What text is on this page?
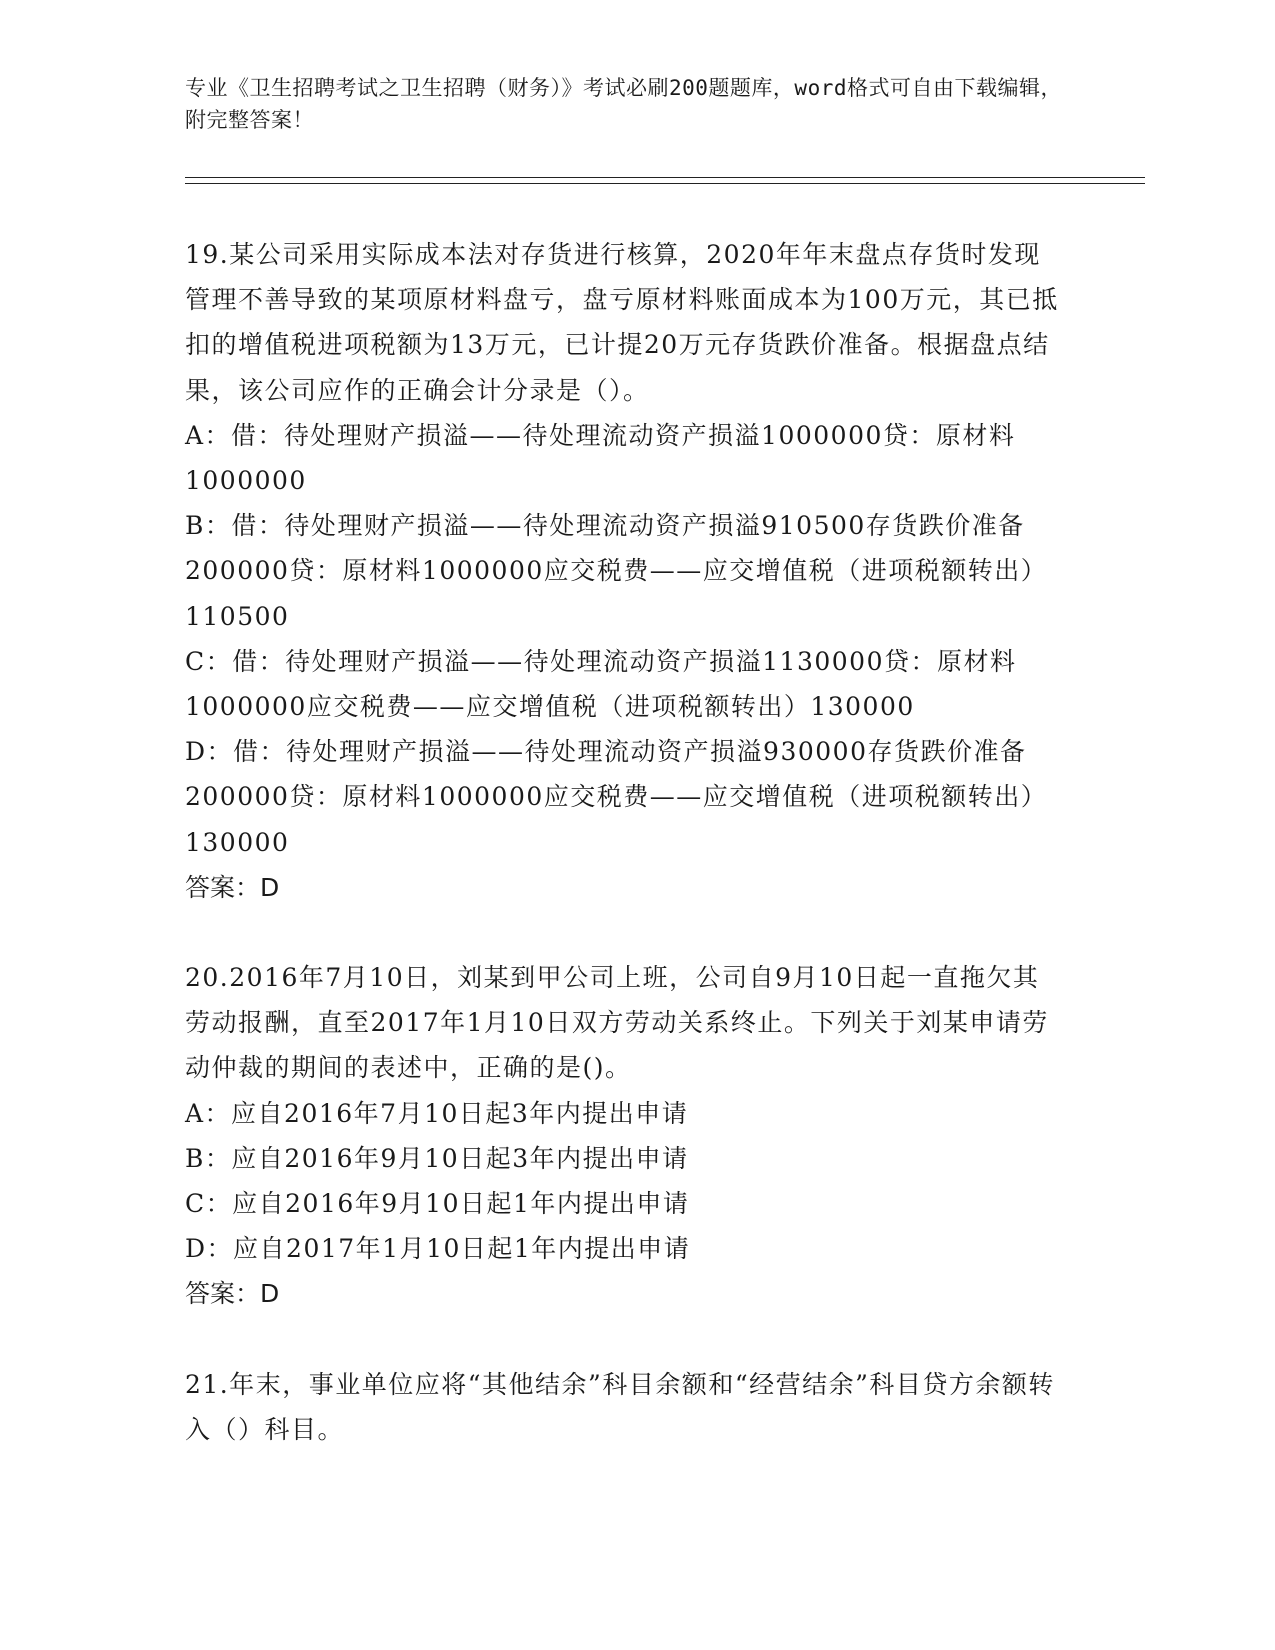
专业《卫生招聘考试之卫生招聘（财务）》考试必刷200题题库，word格式可自由下载编辑，附完整答案！

19.某公司采用实际成本法对存货进行核算，2020年年末盘点存货时发现管理不善导致的某项原材料盘亏，盘亏原材料账面成本为100万元，其已抵扣的增值税进项税额为13万元，已计提20万元存货跌价准备。根据盘点结果，该公司应作的正确会计分录是（）。

A：借：待处理财产损溢——待处理流动资产损溢1000000贷：原材料1000000

B：借：待处理财产损溢——待处理流动资产损溢910500存货跌价准备200000贷：原材料1000000应交税费——应交增值税（进项税额转出）110500

C：借：待处理财产损溢——待处理流动资产损溢1130000贷：原材料1000000应交税费——应交增值税（进项税额转出）130000

D：借：待处理财产损溢——待处理流动资产损溢930000存货跌价准备200000贷：原材料1000000应交税费——应交增值税（进项税额转出）130000

答案：D

20.2016年7月10日，刘某到甲公司上班，公司自9月10日起一直拖欠其劳动报酬，直至2017年1月10日双方劳动关系终止。下列关于刘某申请劳动仲裁的期间的表述中，正确的是()。

A：应自2016年7月10日起3年内提出申请

B：应自2016年9月10日起3年内提出申请

C：应自2016年9月10日起1年内提出申请

D：应自2017年1月10日起1年内提出申请

答案：D

21.年末，事业单位应将“其他结余”科目余额和“经营结余”科目贷方余额转入（）科目。
